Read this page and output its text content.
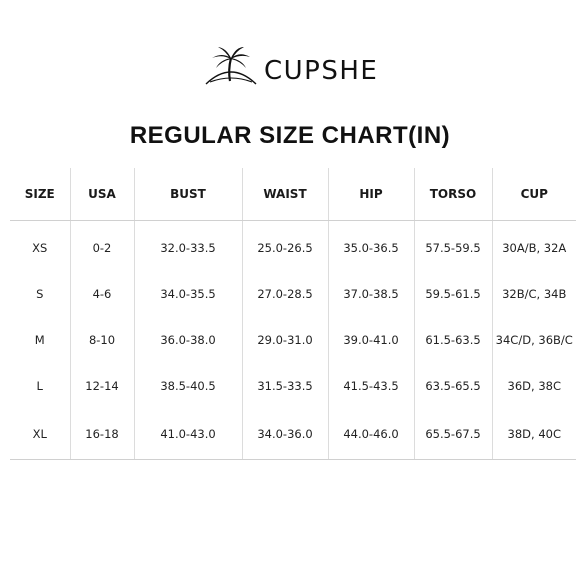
CUPSHE
REGULAR SIZE CHART(IN)
SIZE	USA	BUST	WAIST	HIP	TORSO	CUP
XS	0-2	32.0-33.5	25.0-26.5	35.0-36.5	57.5-59.5	30A/B, 32A
S	4-6	34.0-35.5	27.0-28.5	37.0-38.5	59.5-61.5	32B/C, 34B
M	8-10	36.0-38.0	29.0-31.0	39.0-41.0	61.5-63.5	34C/D, 36B/C
L	12-14	38.5-40.5	31.5-33.5	41.5-43.5	63.5-65.5	36D, 38C
XL	16-18	41.0-43.0	34.0-36.0	44.0-46.0	65.5-67.5	38D, 40C
